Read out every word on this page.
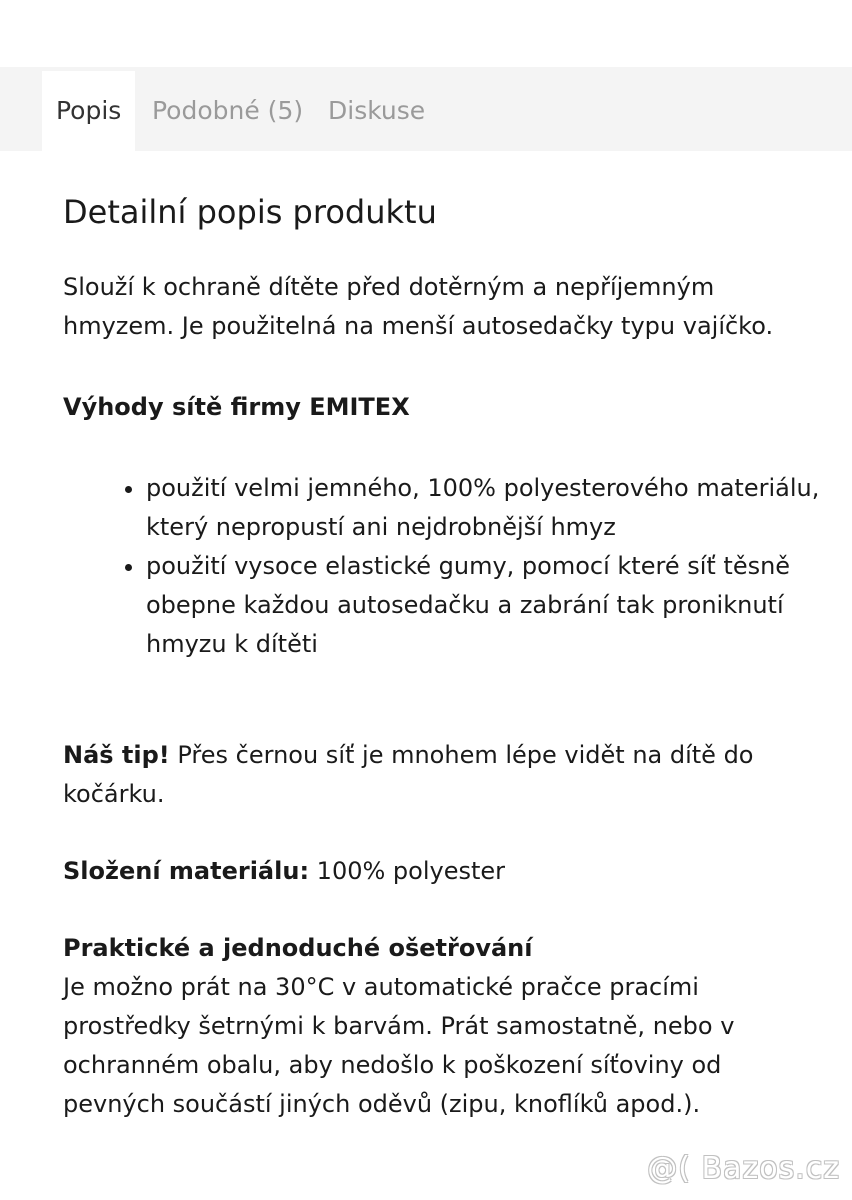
Popis	Podobné (5) Diskuse
Detailní popis produktu

Slouží k ochraně dítěte před dotěrným a nepříjemným hmyzem. Je použitelná na menší autosedačky typu vajíčko.

Výhody sítě firmy EMITEX

• použití velmi jemného, 100% polyesterového materiálu, který nepropustí ani nejdrobnější hmyz
• použití vysoce elastické gumy, pomocí které síť těsně obepne každou autosedačku a zabrání tak proniknutí hmyzu k dítěti

Náš tip! Přes černou síť je mnohem lépe vidět na dítě do kočárku.

Složení materiálu: 100% polyester

Praktické a jednoduché ošetřování

Je možno prát na 30°C v automatické pračce pracími prostředky šetrnými k barvám. Prát samostatně, nebo v ochranném obalu, aby nedošlo k poškození síťoviny od pevných součástí jiných oděvů (zipu, knoflíků apod.).

@( Bazos.cz
